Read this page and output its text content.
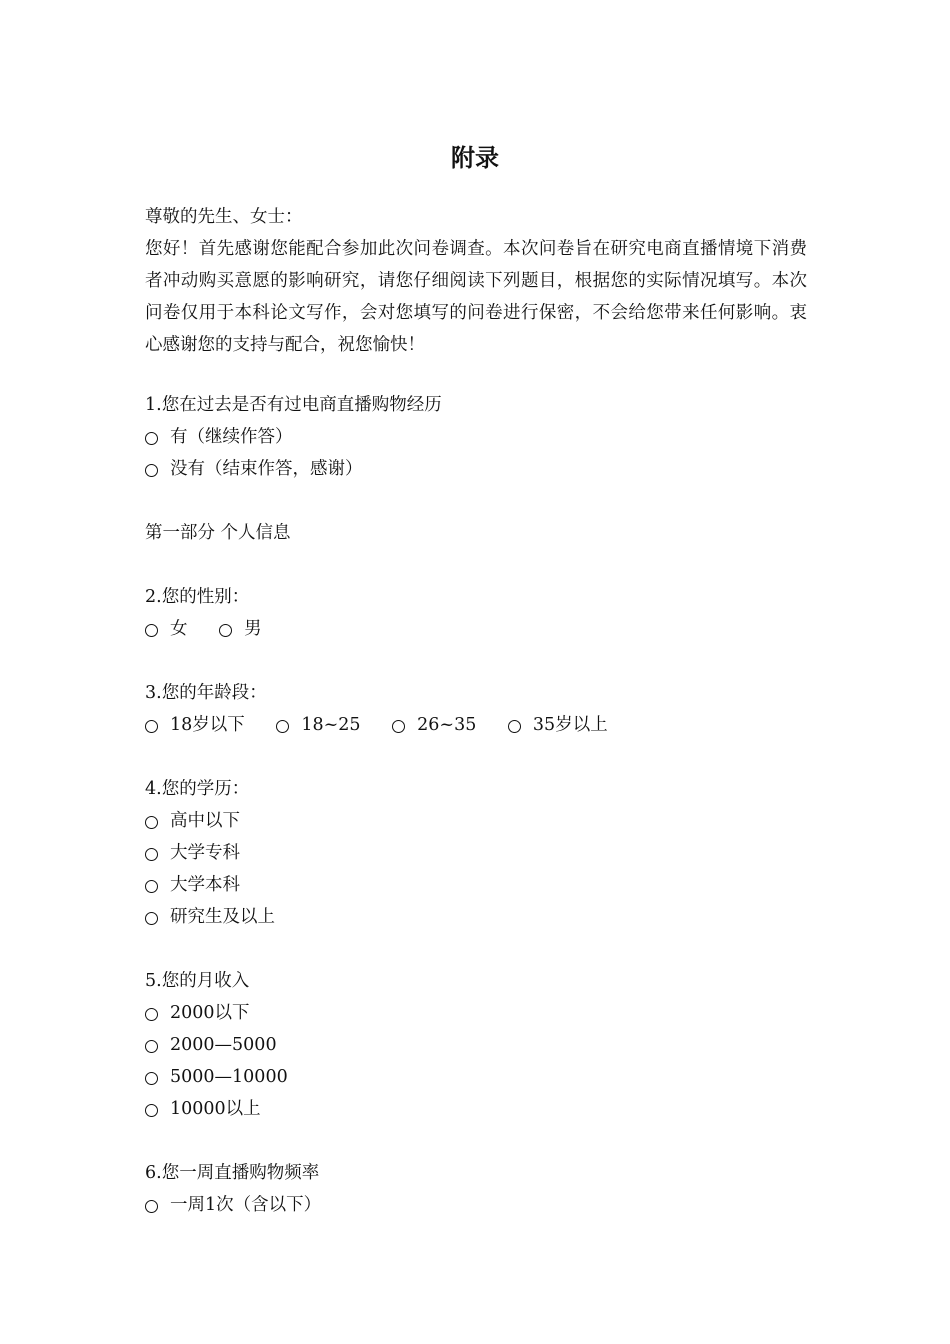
附录
尊敬的先生、女士：
您好！首先感谢您能配合参加此次问卷调查。本次问卷旨在研究电商直播情境下消费者冲动购买意愿的影响研究，请您仔细阅读下列题目，根据您的实际情况填写。本次问卷仅用于本科论文写作，会对您填写的问卷进行保密，不会给您带来任何影响。衷心感谢您的支持与配合，祝您愉快！
1.您在过去是否有过电商直播购物经历
有（继续作答）
没有（结束作答，感谢）
第一部分 个人信息
2.您的性别：
女
	男
3.您的年龄段：
18岁以下
	18~25
	26~35
	35岁以上
4.您的学历：
高中以下
大学专科
大学本科
研究生及以上
5.您的月收入
2000以下
2000—5000
5000—10000
10000以上
6.您一周直播购物频率
一周1次（含以下）
